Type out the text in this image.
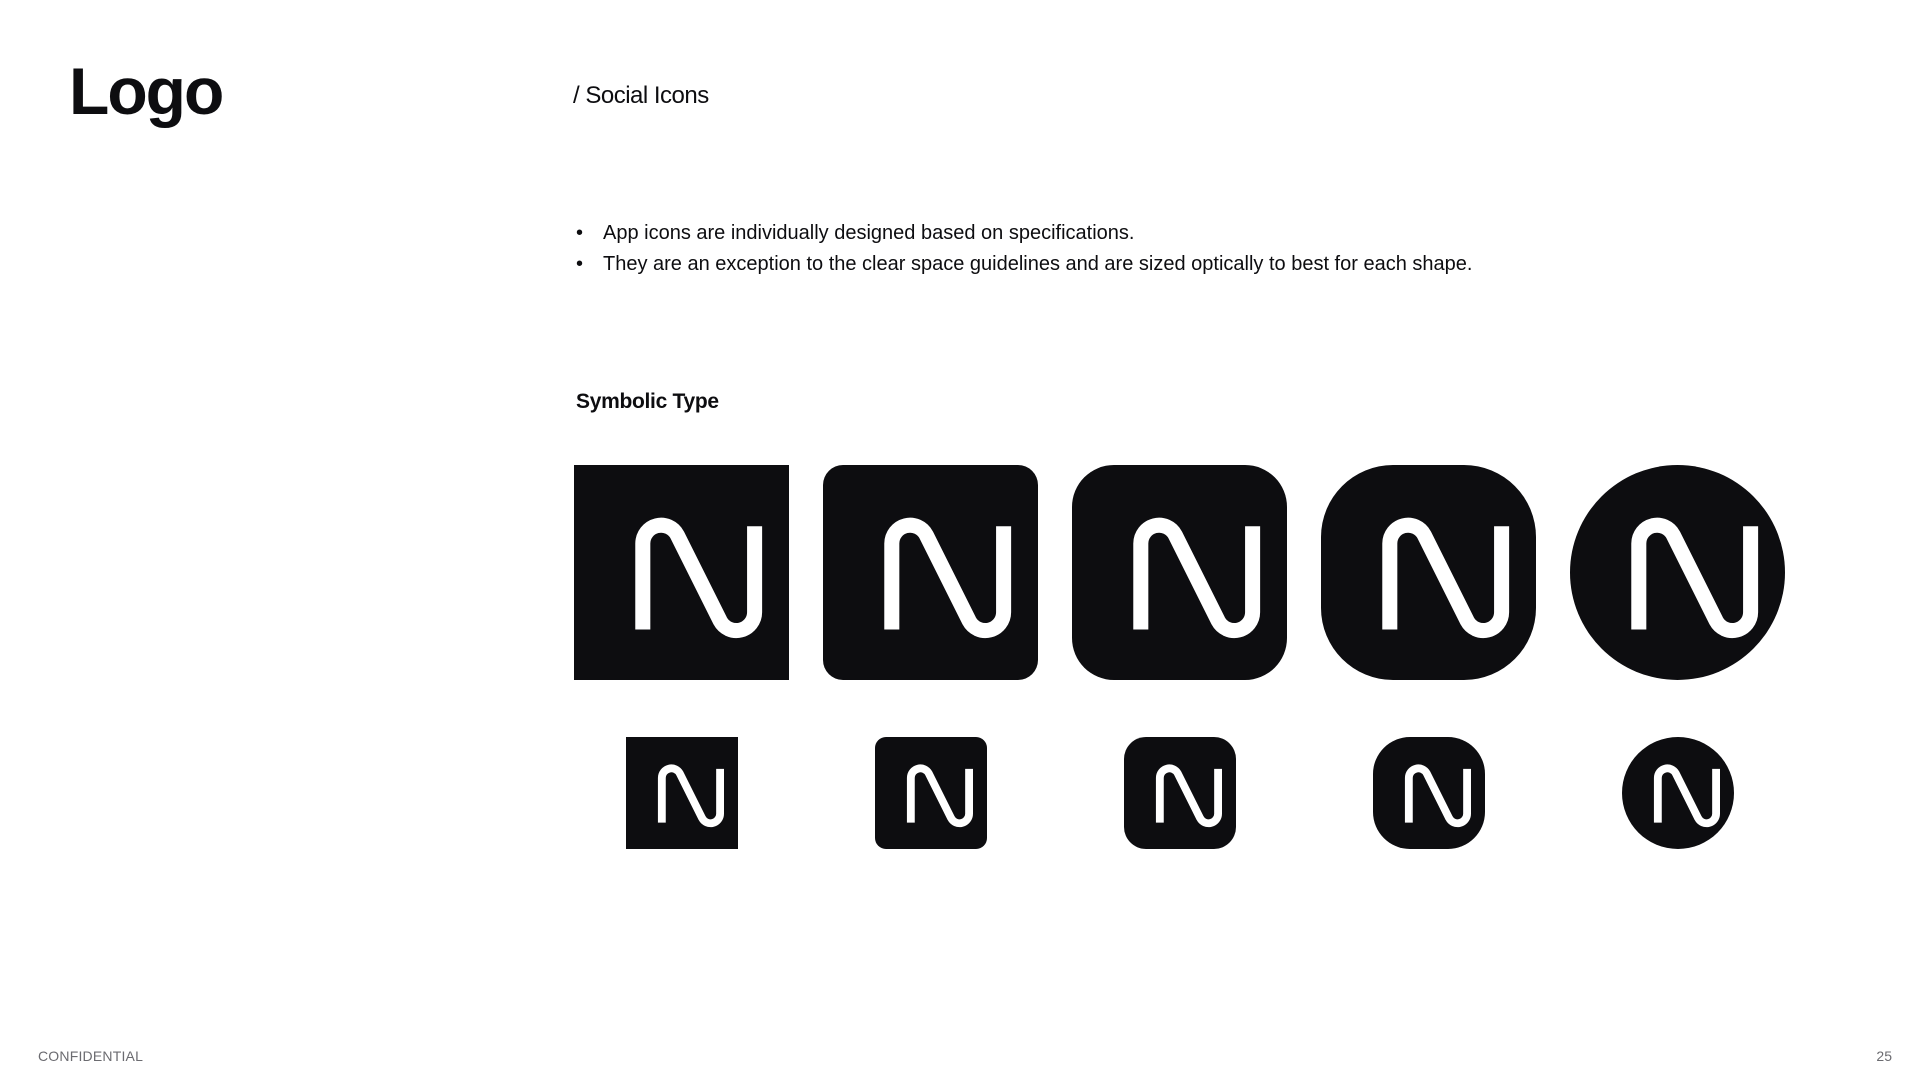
Logo	/ Social Icons
• App icons are individually designed based on specifications.
• They are an exception to the clear space guidelines and are sized optically to best for each shape.
Symbolic Type
CONFIDENTIAL	25
